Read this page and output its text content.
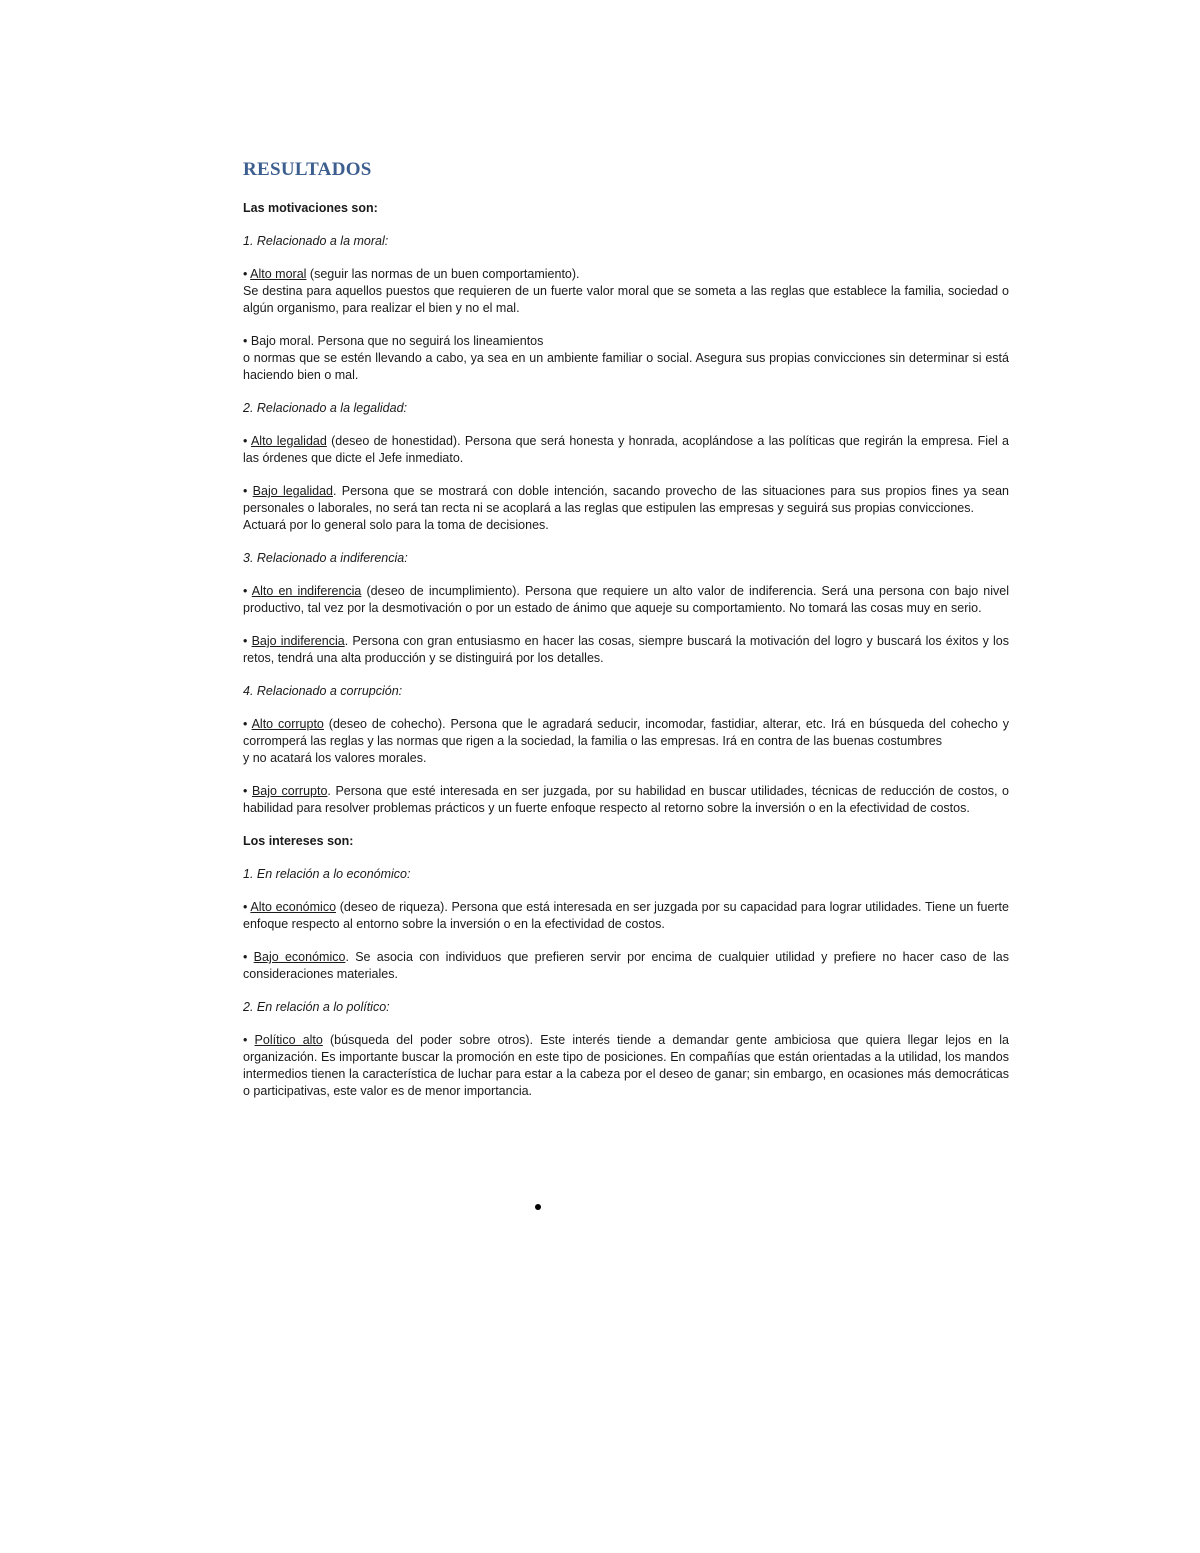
RESULTADOS

Las motivaciones son:

1. Relacionado a la moral:

• Alto moral (seguir las normas de un buen comportamiento).
Se destina para aquellos puestos que requieren de un fuerte valor moral que se someta a las reglas que establece la familia, sociedad o algún organismo, para realizar el bien y no el mal.

• Bajo moral. Persona que no seguirá los lineamientos
o normas que se estén llevando a cabo, ya sea en un ambiente familiar o social. Asegura sus propias convicciones sin determinar si está haciendo bien o mal.

2. Relacionado a la legalidad:

• Alto legalidad (deseo de honestidad). Persona que será honesta y honrada, acoplándose a las políticas que regirán la empresa. Fiel a las órdenes que dicte el Jefe inmediato.

• Bajo legalidad. Persona que se mostrará con doble intención, sacando provecho de las situaciones para sus propios fines ya sean personales o laborales, no será tan recta ni se acoplará a las reglas que estipulen las empresas y seguirá sus propias convicciones.
Actuará por lo general solo para la toma de decisiones.

3. Relacionado a indiferencia:

• Alto en indiferencia (deseo de incumplimiento). Persona que requiere un alto valor de indiferencia. Será una persona con bajo nivel productivo, tal vez por la desmotivación o por un estado de ánimo que aqueje su comportamiento. No tomará las cosas muy en serio.

• Bajo indiferencia. Persona con gran entusiasmo en hacer las cosas, siempre buscará la motivación del logro y buscará los éxitos y los retos, tendrá una alta producción y se distinguirá por los detalles.

4. Relacionado a corrupción:

• Alto corrupto (deseo de cohecho). Persona que le agradará seducir, incomodar, fastidiar, alterar, etc. Irá en búsqueda del cohecho y corromperá las reglas y las normas que rigen a la sociedad, la familia o las empresas. Irá en contra de las buenas costumbres
y no acatará los valores morales.

• Bajo corrupto. Persona que esté interesada en ser juzgada, por su habilidad en buscar utilidades, técnicas de reducción de costos, o habilidad para resolver problemas prácticos y un fuerte enfoque respecto al retorno sobre la inversión o en la efectividad de costos.

Los intereses son:

1. En relación a lo económico:

• Alto económico (deseo de riqueza). Persona que está interesada en ser juzgada por su capacidad para lograr utilidades. Tiene un fuerte enfoque respecto al entorno sobre la inversión o en la efectividad de costos.

• Bajo económico. Se asocia con individuos que prefieren servir por encima de cualquier utilidad y prefiere no hacer caso de las consideraciones materiales.

2. En relación a lo político:

• Político alto (búsqueda del poder sobre otros). Este interés tiende a demandar gente ambiciosa que quiera llegar lejos en la organización. Es importante buscar la promoción en este tipo de posiciones. En compañías que están orientadas a la utilidad, los mandos intermedios tienen la característica de luchar para estar a la cabeza por el deseo de ganar; sin embargo, en ocasiones más democráticas o participativas, este valor es de menor importancia.
